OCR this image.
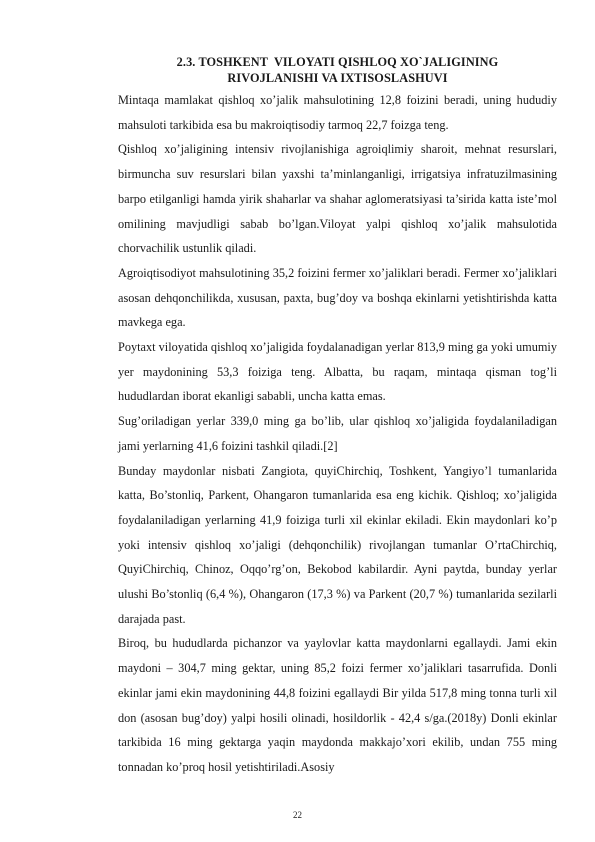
2.3. TOSHKENT  VILOYATI QISHLOQ XO`JALIGINING
RIVOJLANISHI VA IXTISOSLASHUVI

Mintaqa mamlakat qishloq xo’jalik mahsulotining 12,8 foizini beradi, uning hududiy mahsuloti tarkibida esa bu makroiqtisodiy tarmoq 22,7 foizga teng.

Qishloq xo’jaligining intensiv rivojlanishiga agroiqlimiy sharoit, mehnat resurslari, birmuncha suv resurslari bilan yaxshi ta’minlanganligi, irrigatsiya infratuzilmasining barpo etilganligi hamda yirik shaharlar va shahar aglomeratsiyasi ta’sirida katta iste’mol omilining mavjudligi sabab bo’lgan.Viloyat yalpi qishloq xo’jalik mahsulotida chorvachilik ustunlik qiladi.

Agroiqtisodiyot mahsulotining 35,2 foizini fermer xo’jaliklari beradi. Fermer xo’jaliklari asosan dehqonchilikda, xususan, paxta, bug’doy va boshqa ekinlarni yetishtirishda katta mavkega ega.

Poytaxt viloyatida qishloq xo’jaligida foydalanadigan yerlar 813,9 ming ga yoki umumiy yer maydonining 53,3 foiziga teng. Albatta, bu raqam, mintaqa qisman tog’li hududlardan iborat ekanligi sababli, uncha katta emas.

Sug’oriladigan yerlar 339,0 ming ga bo’lib, ular qishloq xo’jaligida foydalaniladigan jami yerlarning 41,6 foizini tashkil qiladi.[2]

Bunday maydonlar nisbati Zangiota, quyiChirchiq, Toshkent, Yangiyo’l tumanlarida katta, Bo’stonliq, Parkent, Ohangaron tumanlarida esa eng kichik. Qishloq; xo’jaligida foydalaniladigan yerlarning 41,9 foiziga turli xil ekinlar ekiladi. Ekin maydonlari ko’p yoki intensiv qishloq xo’jaligi (dehqonchilik) rivojlangan tumanlar O’rtaChirchiq, QuyiChirchiq, Chinoz, Oqqo’rg’on, Bekobod kabilardir. Ayni paytda, bunday yerlar ulushi Bo’stonliq (6,4 %), Ohangaron (17,3 %) va Parkent (20,7 %) tumanlarida sezilarli darajada past.

Biroq, bu hududlarda pichanzor va yaylovlar katta maydonlarni egallaydi. Jami ekin maydoni – 304,7 ming gektar, uning 85,2 foizi fermer xo’jaliklari tasarrufida. Donli ekinlar jami ekin maydonining 44,8 foizini egallaydi Bir yilda 517,8 ming tonna turli xil don (asosan bug’doy) yalpi hosili olinadi, hosildorlik - 42,4 s/ga.(2018y) Donli ekinlar tarkibida 16 ming gektarga yaqin maydonda makkajo’xori ekilib, undan 755 ming tonnadan ko’proq hosil yetishtiriladi.Asosiy

22
